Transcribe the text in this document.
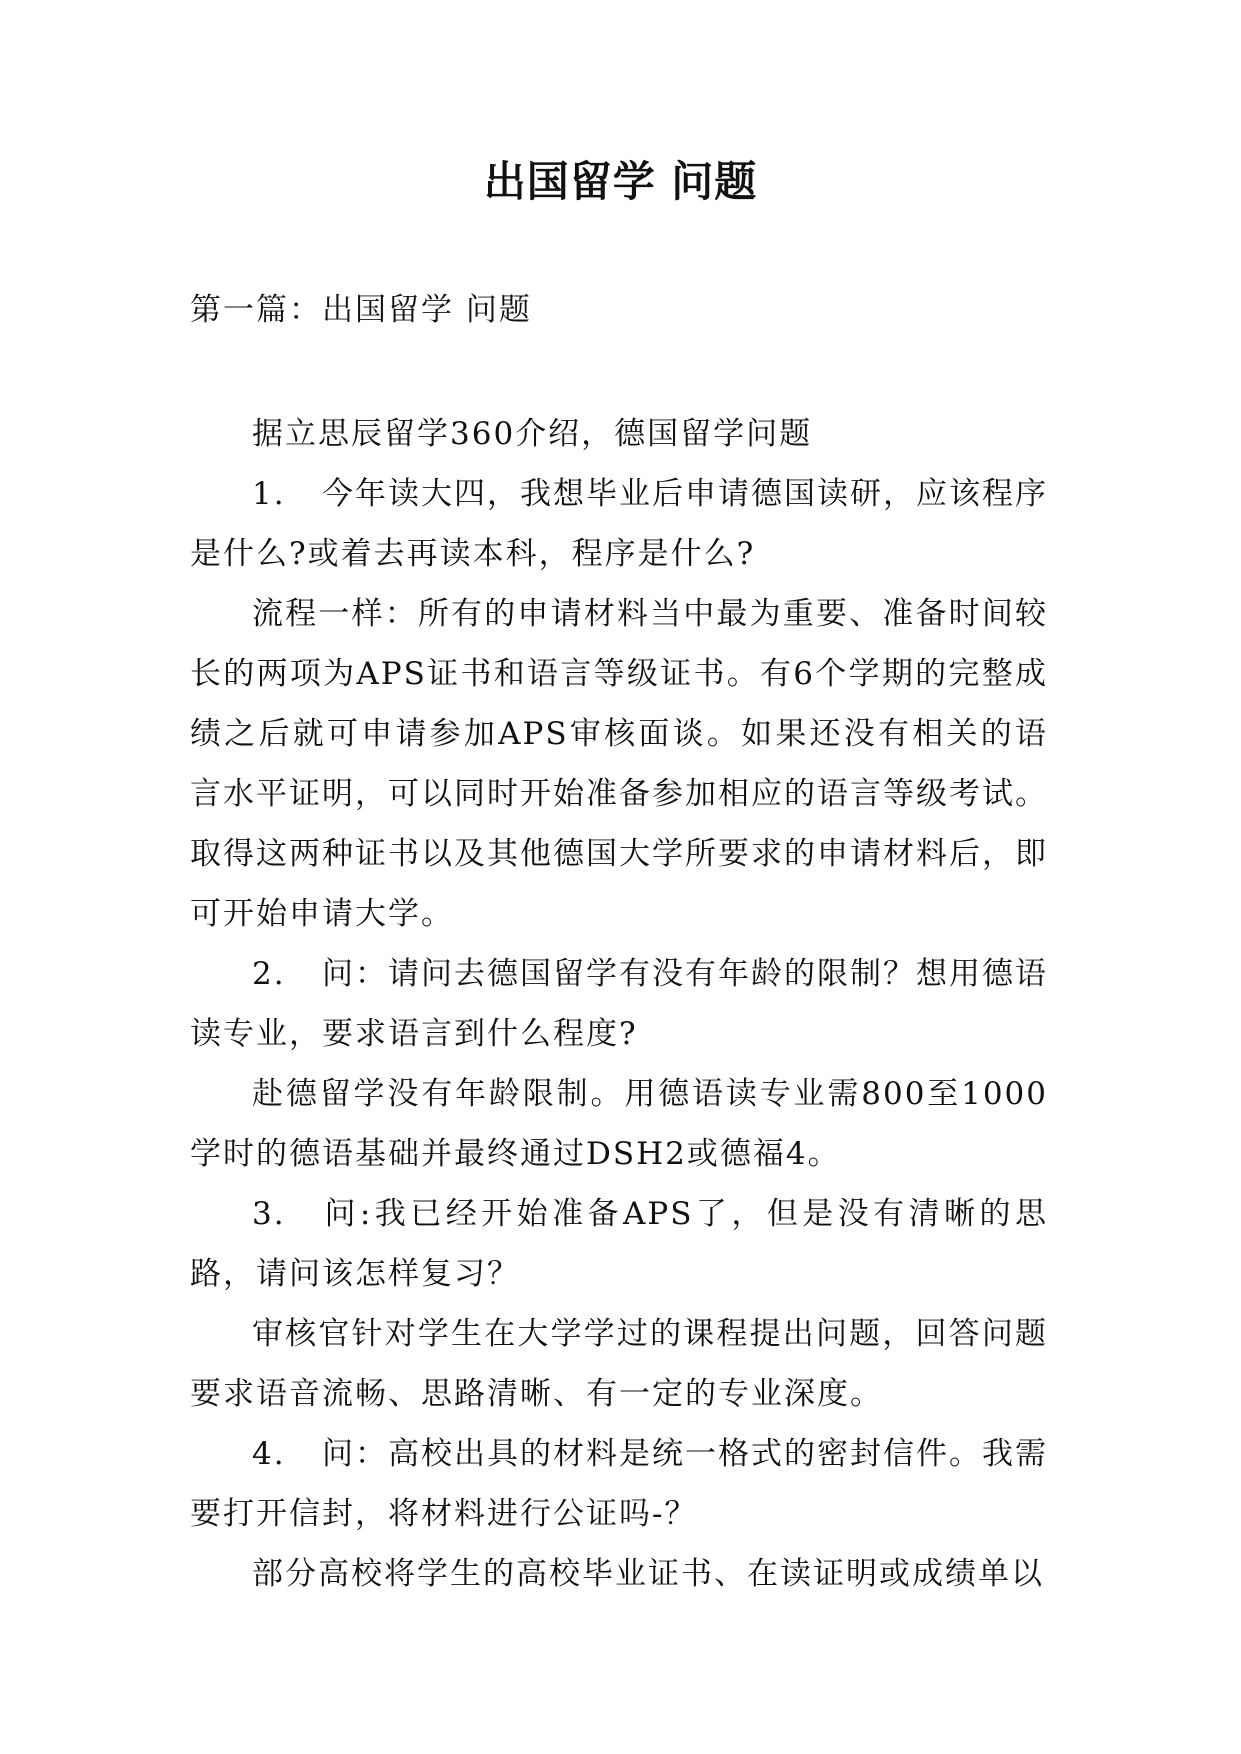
出国留学 问题
第一篇：出国留学 问题

据立思辰留学360介绍，德国留学问题

1. 今年读大四，我想毕业后申请德国读研，应该程序是什么?或着去再读本科，程序是什么?

流程一样：所有的申请材料当中最为重要、准备时间较长的两项为APS证书和语言等级证书。有6个学期的完整成绩之后就可申请参加APS审核面谈。如果还没有相关的语言水平证明，可以同时开始准备参加相应的语言等级考试。取得这两种证书以及其他德国大学所要求的申请材料后，即可开始申请大学。

2. 问：请问去德国留学有没有年龄的限制？想用德语读专业，要求语言到什么程度?

赴德留学没有年龄限制。用德语读专业需800至1000学时的德语基础并最终通过DSH2或德福4。

3. 问:我已经开始准备APS了，但是没有清晰的思路，请问该怎样复习？

审核官针对学生在大学学过的课程提出问题，回答问题要求语音流畅、思路清晰、有一定的专业深度。

4. 问：高校出具的材料是统一格式的密封信件。我需要打开信封，将材料进行公证吗-？

部分高校将学生的高校毕业证书、在读证明或成绩单以
